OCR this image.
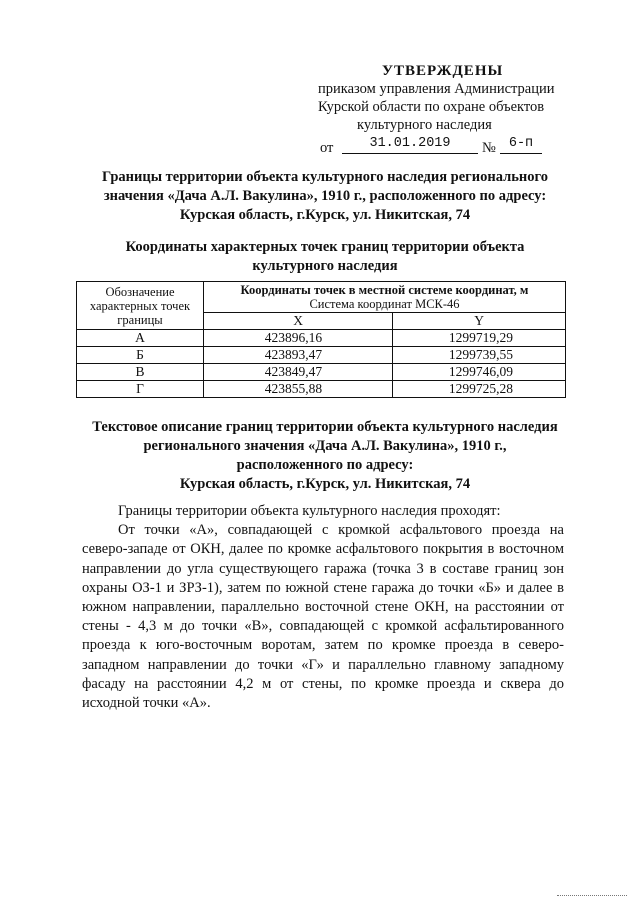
УТВЕРЖДЕНЫ
приказом управления Администрации
Курской области по охране объектов
культурного наследия
от	31.01.2019	№ 6-п
Границы территории объекта культурного наследия регионального
значения «Дача А.Л. Вакулина», 1910 г., расположенного по адресу:
Курская область, г.Курск, ул. Никитская, 74
Координаты характерных точек границ территории объекта
культурного наследия
Обозначение характерных точек границы	Координаты точек в местной системе координат, м
Система координат МСК-46	
	X	Y
А	423896,16	1299719,29
Б	423893,47	1299739,55
В	423849,47	1299746,09
Г	423855,88	1299725,28
Текстовое описание границ территории объекта культурного наследия
регионального значения «Дача А.Л. Вакулина», 1910 г.,
расположенного по адресу:
Курская область, г.Курск, ул. Никитская, 74

Границы территории объекта культурного наследия проходят:

От точки «А», совпадающей с кромкой асфальтового проезда на северо-западе от ОКН, далее по кромке асфальтового покрытия в восточном направлении до угла существующего гаража (точка 3 в составе границ зон охраны ОЗ-1 и ЗРЗ-1), затем по южной стене гаража до точки «Б» и далее в южном направлении, параллельно восточной стене ОКН, на расстоянии от стены - 4,3 м до точки «В», совпадающей с кромкой асфальтированного проезда к юго-восточным воротам, затем по кромке проезда в северо-западном направлении до точки «Г» и параллельно главному западному фасаду на расстоянии 4,2 м от стены, по кромке проезда и сквера до исходной точки «А».
